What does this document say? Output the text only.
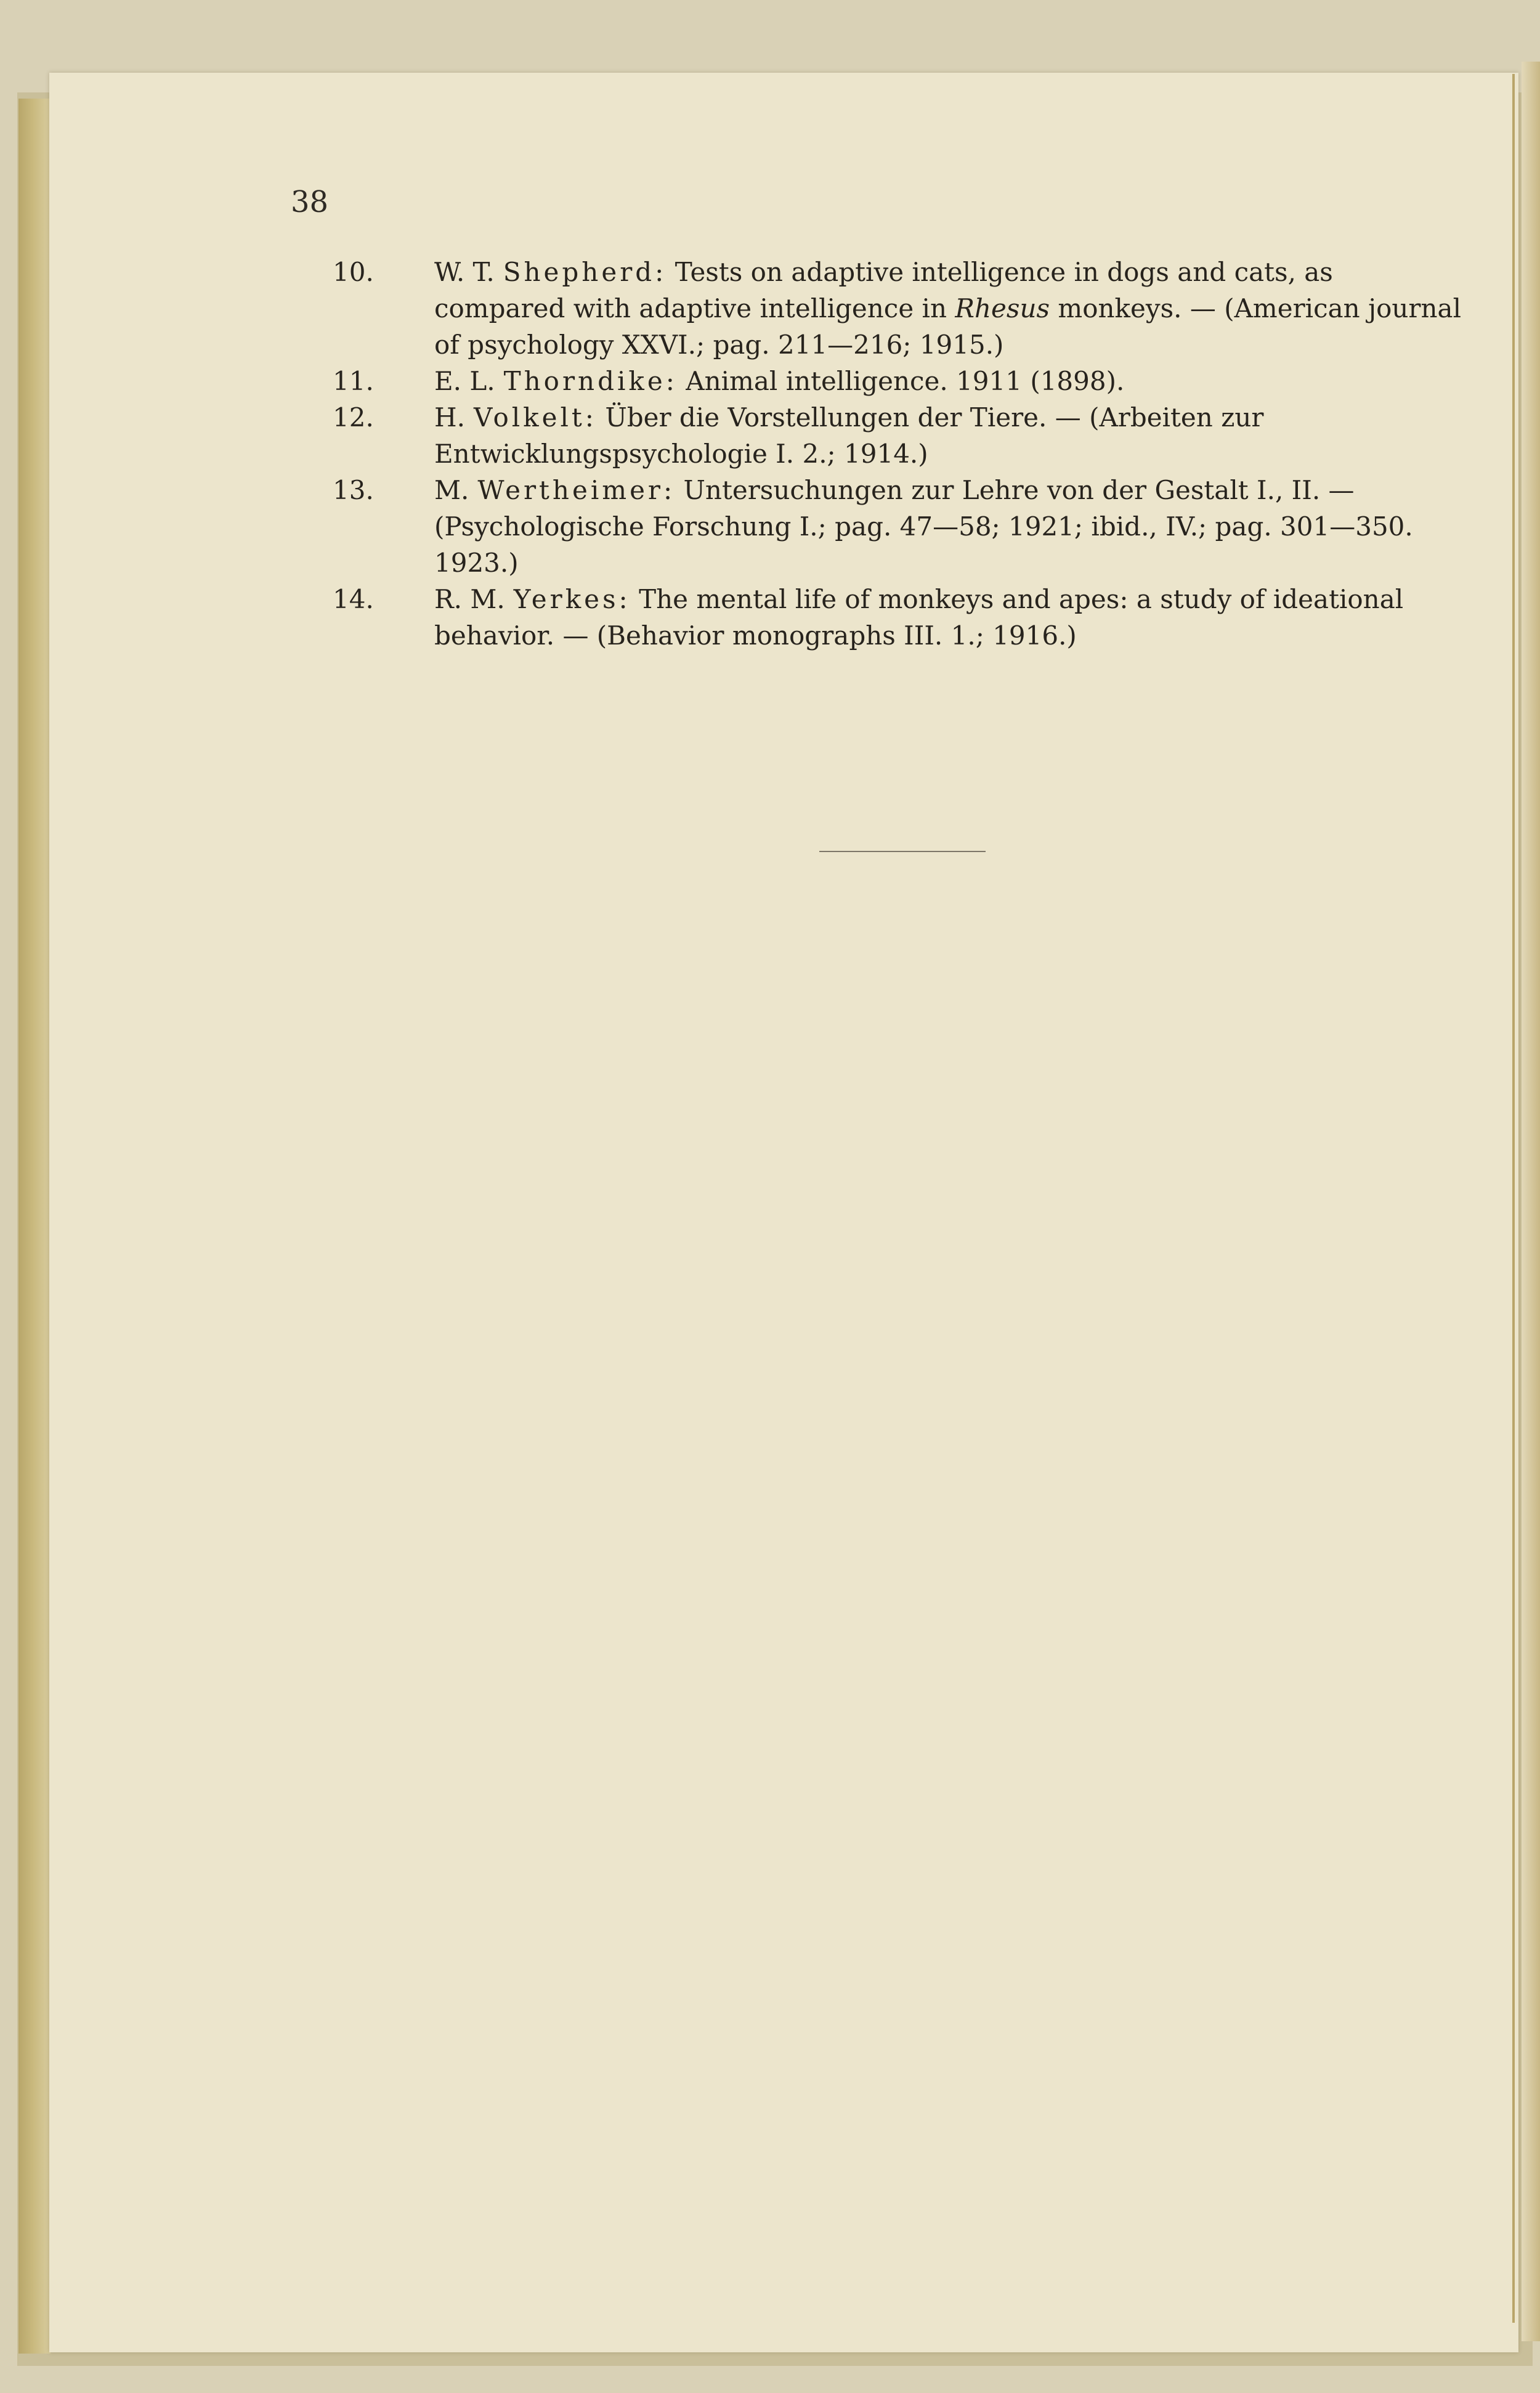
38

10.	W. T. Shepherd: Tests on adaptive intelligence in dogs and cats, as compared with adaptive intelligence in Rhesus monkeys. — (American journal of psychology XXVI.; pag. 211—216; 1915.)

11.	E. L. Thorndike: Animal intelligence. 1911 (1898).

12.	H. Volkelt: Über die Vorstellungen der Tiere. — (Arbeiten zur Entwicklungspsychologie I. 2.; 1914.)

13.	M. Wertheimer: Untersuchungen zur Lehre von der Gestalt I., II. — (Psychologische Forschung I.; pag. 47—58; 1921; ibid., IV.; pag. 301—350. 1923.)

14.	R. M. Yerkes: The mental life of monkeys and apes: a study of ideational behavior. — (Behavior monographs III. 1.; 1916.)
